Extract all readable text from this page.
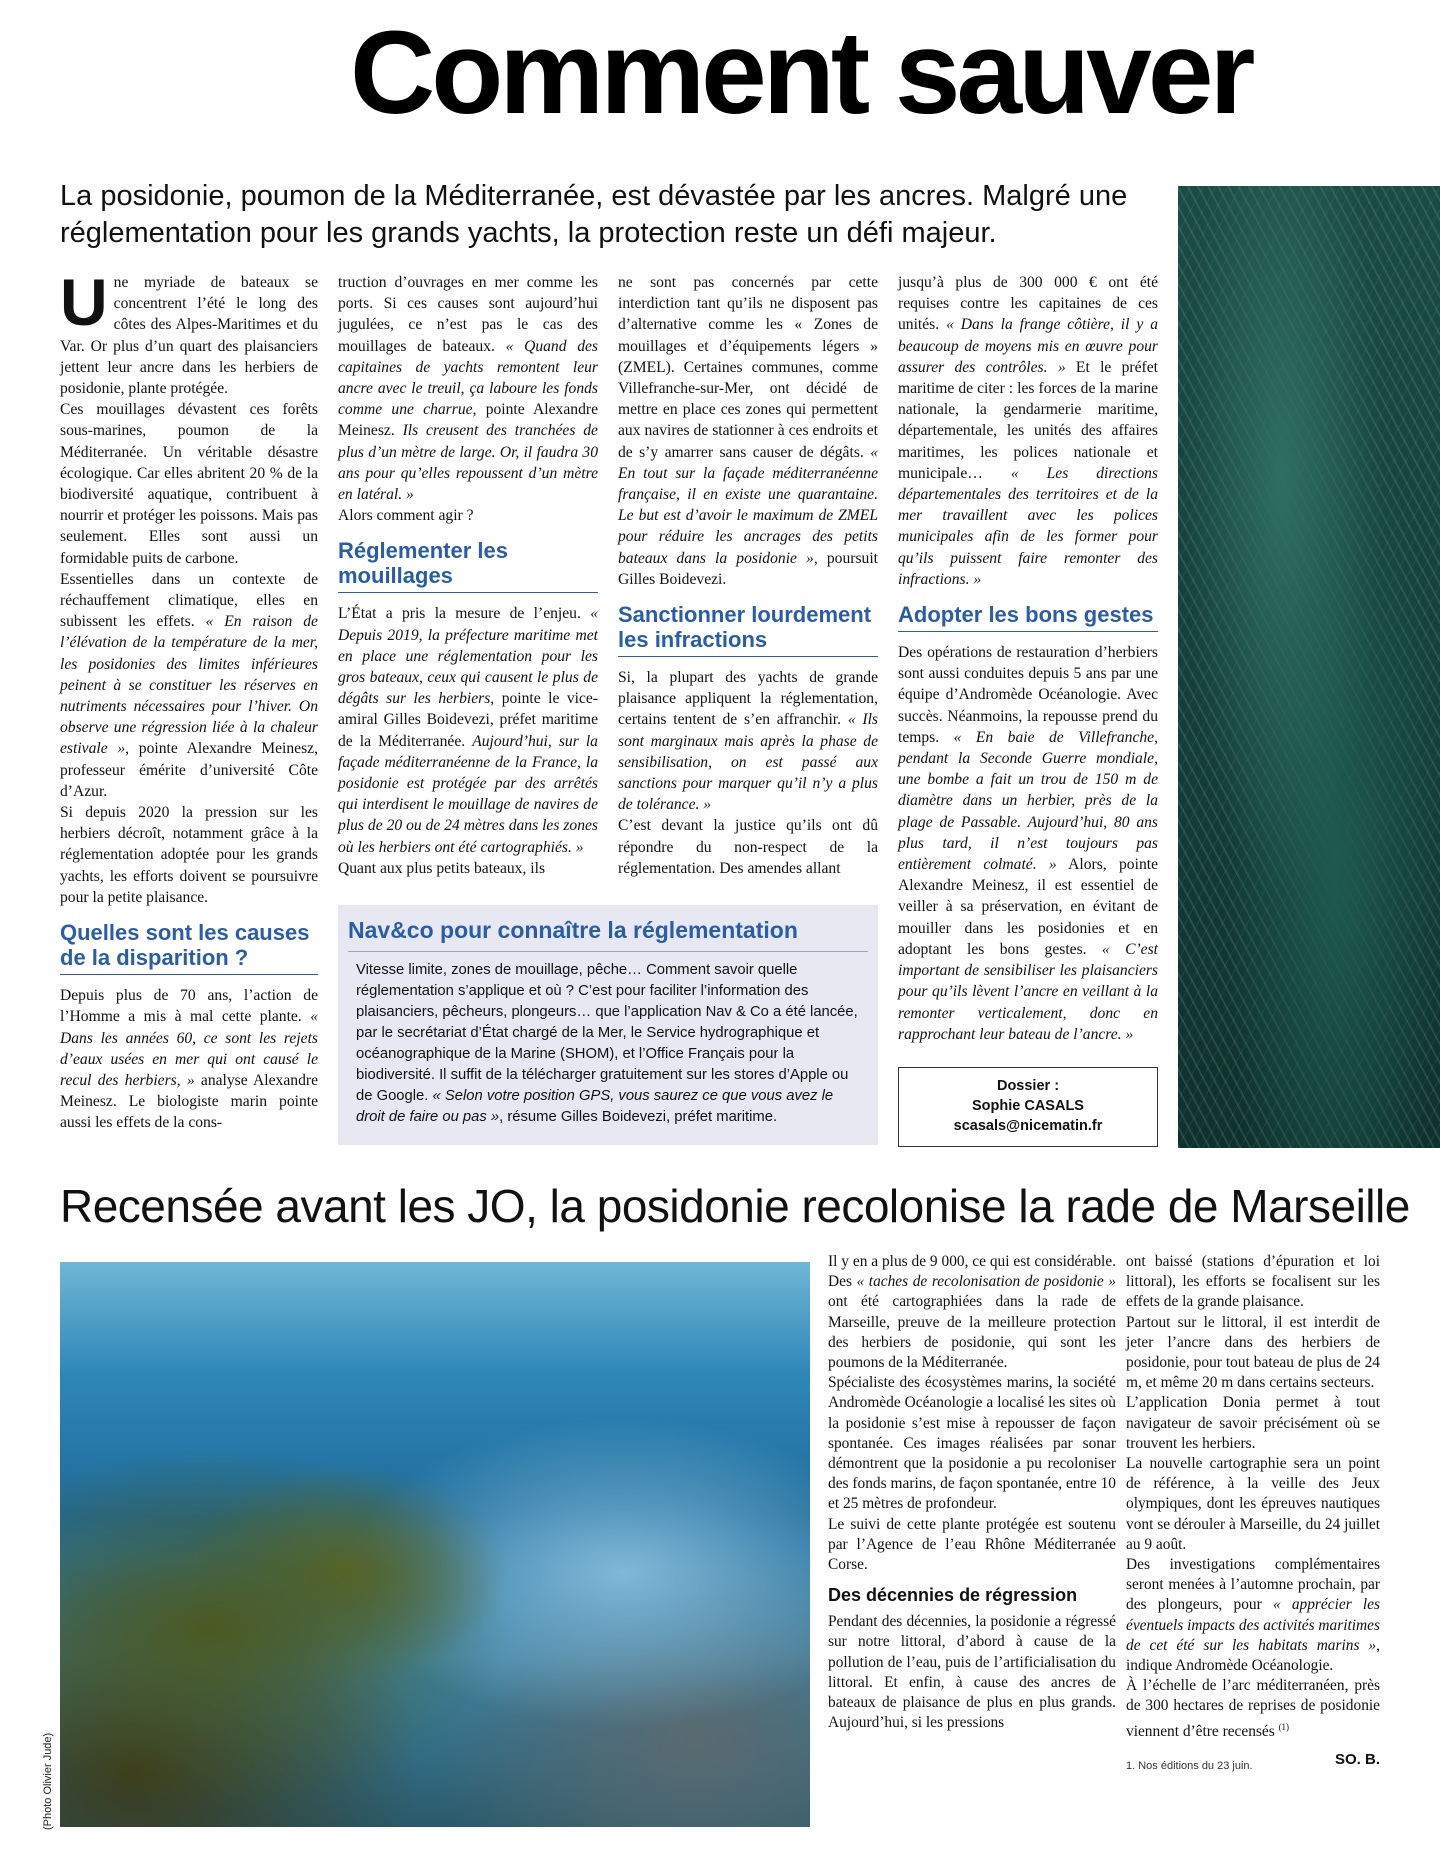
Comment sauver
La posidonie, poumon de la Méditerranée, est dévastée par les ancres. Malgré une réglementation pour les grands yachts, la protection reste un défi majeur.

Une myriade de bateaux se concentrent l’été le long des côtes des Alpes-Maritimes et du Var. Or plus d’un quart des plaisanciers jettent leur ancre dans les herbiers de posidonie, plante protégée.

Ces mouillages dévastent ces forêts sous-marines, poumon de la Méditerranée. Un véritable désastre écologique. Car elles abritent 20 % de la biodiversité aquatique, contribuent à nourrir et protéger les poissons. Mais pas seulement. Elles sont aussi un formidable puits de carbone.

Essentielles dans un contexte de réchauffement climatique, elles en subissent les effets. « En raison de l’élévation de la température de la mer, les posidonies des limites inférieures peinent à se constituer les réserves en nutriments nécessaires pour l’hiver. On observe une régression liée à la chaleur estivale », pointe Alexandre Meinesz, professeur émérite d’université Côte d’Azur.

Si depuis 2020 la pression sur les herbiers décroît, notamment grâce à la réglementation adoptée pour les grands yachts, les efforts doivent se poursuivre pour la petite plaisance.

Quelles sont les causes de la disparition ?

Depuis plus de 70 ans, l’action de l’Homme a mis à mal cette plante. « Dans les années 60, ce sont les rejets d’eaux usées en mer qui ont causé le recul des herbiers, » analyse Alexandre Meinesz. Le biologiste marin pointe aussi les effets de la cons-

truction d’ouvrages en mer comme les ports. Si ces causes sont aujourd’hui jugulées, ce n’est pas le cas des mouillages de bateaux. « Quand des capitaines de yachts remontent leur ancre avec le treuil, ça laboure les fonds comme une charrue, pointe Alexandre Meinesz. Ils creusent des tranchées de plus d’un mètre de large. Or, il faudra 30 ans pour qu’elles repoussent d’un mètre en latéral. »

Alors comment agir ?

Réglementer les mouillages

L’État a pris la mesure de l’enjeu. « Depuis 2019, la préfecture maritime met en place une réglementation pour les gros bateaux, ceux qui causent le plus de dégâts sur les herbiers, pointe le vice-amiral Gilles Boidevezi, préfet maritime de la Méditerranée. Aujourd’hui, sur la façade méditerranéenne de la France, la posidonie est protégée par des arrêtés qui interdisent le mouillage de navires de plus de 20 ou de 24 mètres dans les zones où les herbiers ont été cartographiés. »

Quant aux plus petits bateaux, ils

ne sont pas concernés par cette interdiction tant qu’ils ne disposent pas d’alternative comme les « Zones de mouillages et d’équipements légers » (ZMEL). Certaines communes, comme Villefranche-sur-Mer, ont décidé de mettre en place ces zones qui permettent aux navires de stationner à ces endroits et de s’y amarrer sans causer de dégâts. « En tout sur la façade méditerranéenne française, il en existe une quarantaine. Le but est d’avoir le maximum de ZMEL pour réduire les ancrages des petits bateaux dans la posidonie », poursuit Gilles Boidevezi.

Sanctionner lourdement les infractions

Si, la plupart des yachts de grande plaisance appliquent la réglementation, certains tentent de s’en affranchir. « Ils sont marginaux mais après la phase de sensibilisation, on est passé aux sanctions pour marquer qu’il n’y a plus de tolérance. »

C’est devant la justice qu’ils ont dû répondre du non-respect de la réglementation. Des amendes allant

jusqu’à plus de 300 000 € ont été requises contre les capitaines de ces unités. « Dans la frange côtière, il y a beaucoup de moyens mis en œuvre pour assurer des contrôles. » Et le préfet maritime de citer : les forces de la marine nationale, la gendarmerie maritime, départementale, les unités des affaires maritimes, les polices nationale et municipale… « Les directions départementales des territoires et de la mer travaillent avec les polices municipales afin de les former pour qu’ils puissent faire remonter des infractions. »

Adopter les bons gestes

Des opérations de restauration d’herbiers sont aussi conduites depuis 5 ans par une équipe d’Andromède Océanologie. Avec succès. Néanmoins, la repousse prend du temps. « En baie de Villefranche, pendant la Seconde Guerre mondiale, une bombe a fait un trou de 150 m de diamètre dans un herbier, près de la plage de Passable. Aujourd’hui, 80 ans plus tard, il n’est toujours pas entièrement colmaté. » Alors, pointe Alexandre Meinesz, il est essentiel de veiller à sa préservation, en évitant de mouiller dans les posidonies et en adoptant les bons gestes. « C’est important de sensibiliser les plaisanciers pour qu’ils lèvent l’ancre en veillant à la remonter verticalement, donc en rapprochant leur bateau de l’ancre. »

Nav&co pour connaître la réglementation
Vitesse limite, zones de mouillage, pêche… Comment savoir quelle réglementation s’applique et où ? C’est pour faciliter l’information des plaisanciers, pêcheurs, plongeurs… que l’application Nav & Co a été lancée, par le secrétariat d’État chargé de la Mer, le Service hydrographique et océanographique de la Marine (SHOM), et l’Office Français pour la biodiversité. Il suffit de la télécharger gratuitement sur les stores d’Apple ou de Google. « Selon votre position GPS, vous saurez ce que vous avez le droit de faire ou pas », résume Gilles Boidevezi, préfet maritime.
Dossier :
Sophie CASALS
scasals@nicematin.fr
Recensée avant les JO, la posidonie recolonise la rade de Marseille
(Photo Olivier Jude)

Il y en a plus de 9 000, ce qui est considérable. Des « taches de recolonisation de posidonie » ont été cartographiées dans la rade de Marseille, preuve de la meilleure protection des herbiers de posidonie, qui sont les poumons de la Méditerranée.

Spécialiste des écosystèmes marins, la société Andromède Océanologie a localisé les sites où la posidonie s’est mise à repousser de façon spontanée. Ces images réalisées par sonar démontrent que la posidonie a pu recoloniser des fonds marins, de façon spontanée, entre 10 et 25 mètres de profondeur.

Le suivi de cette plante protégée est soutenu par l’Agence de l’eau Rhône Méditerranée Corse.

Des décennies de régression

Pendant des décennies, la posidonie a régressé sur notre littoral, d’abord à cause de la pollution de l’eau, puis de l’artificialisation du littoral. Et enfin, à cause des ancres de bateaux de plaisance de plus en plus grands. Aujourd’hui, si les pressions

ont baissé (stations d’épuration et loi littoral), les efforts se focalisent sur les effets de la grande plaisance.

Partout sur le littoral, il est interdit de jeter l’ancre dans des herbiers de posidonie, pour tout bateau de plus de 24 m, et même 20 m dans certains secteurs.

L’application Donia permet à tout navigateur de savoir précisément où se trouvent les herbiers.

La nouvelle cartographie sera un point de référence, à la veille des Jeux olympiques, dont les épreuves nautiques vont se dérouler à Marseille, du 24 juillet au 9 août.

Des investigations complémentaires seront menées à l’automne prochain, par des plongeurs, pour « apprécier les éventuels impacts des activités maritimes de cet été sur les habitats marins », indique Andromède Océanologie.

À l’échelle de l’arc méditerranéen, près de 300 hectares de reprises de posidonie viennent d’être recensés $^{(1)}$

SO. B.
1. Nos éditions du 23 juin.
